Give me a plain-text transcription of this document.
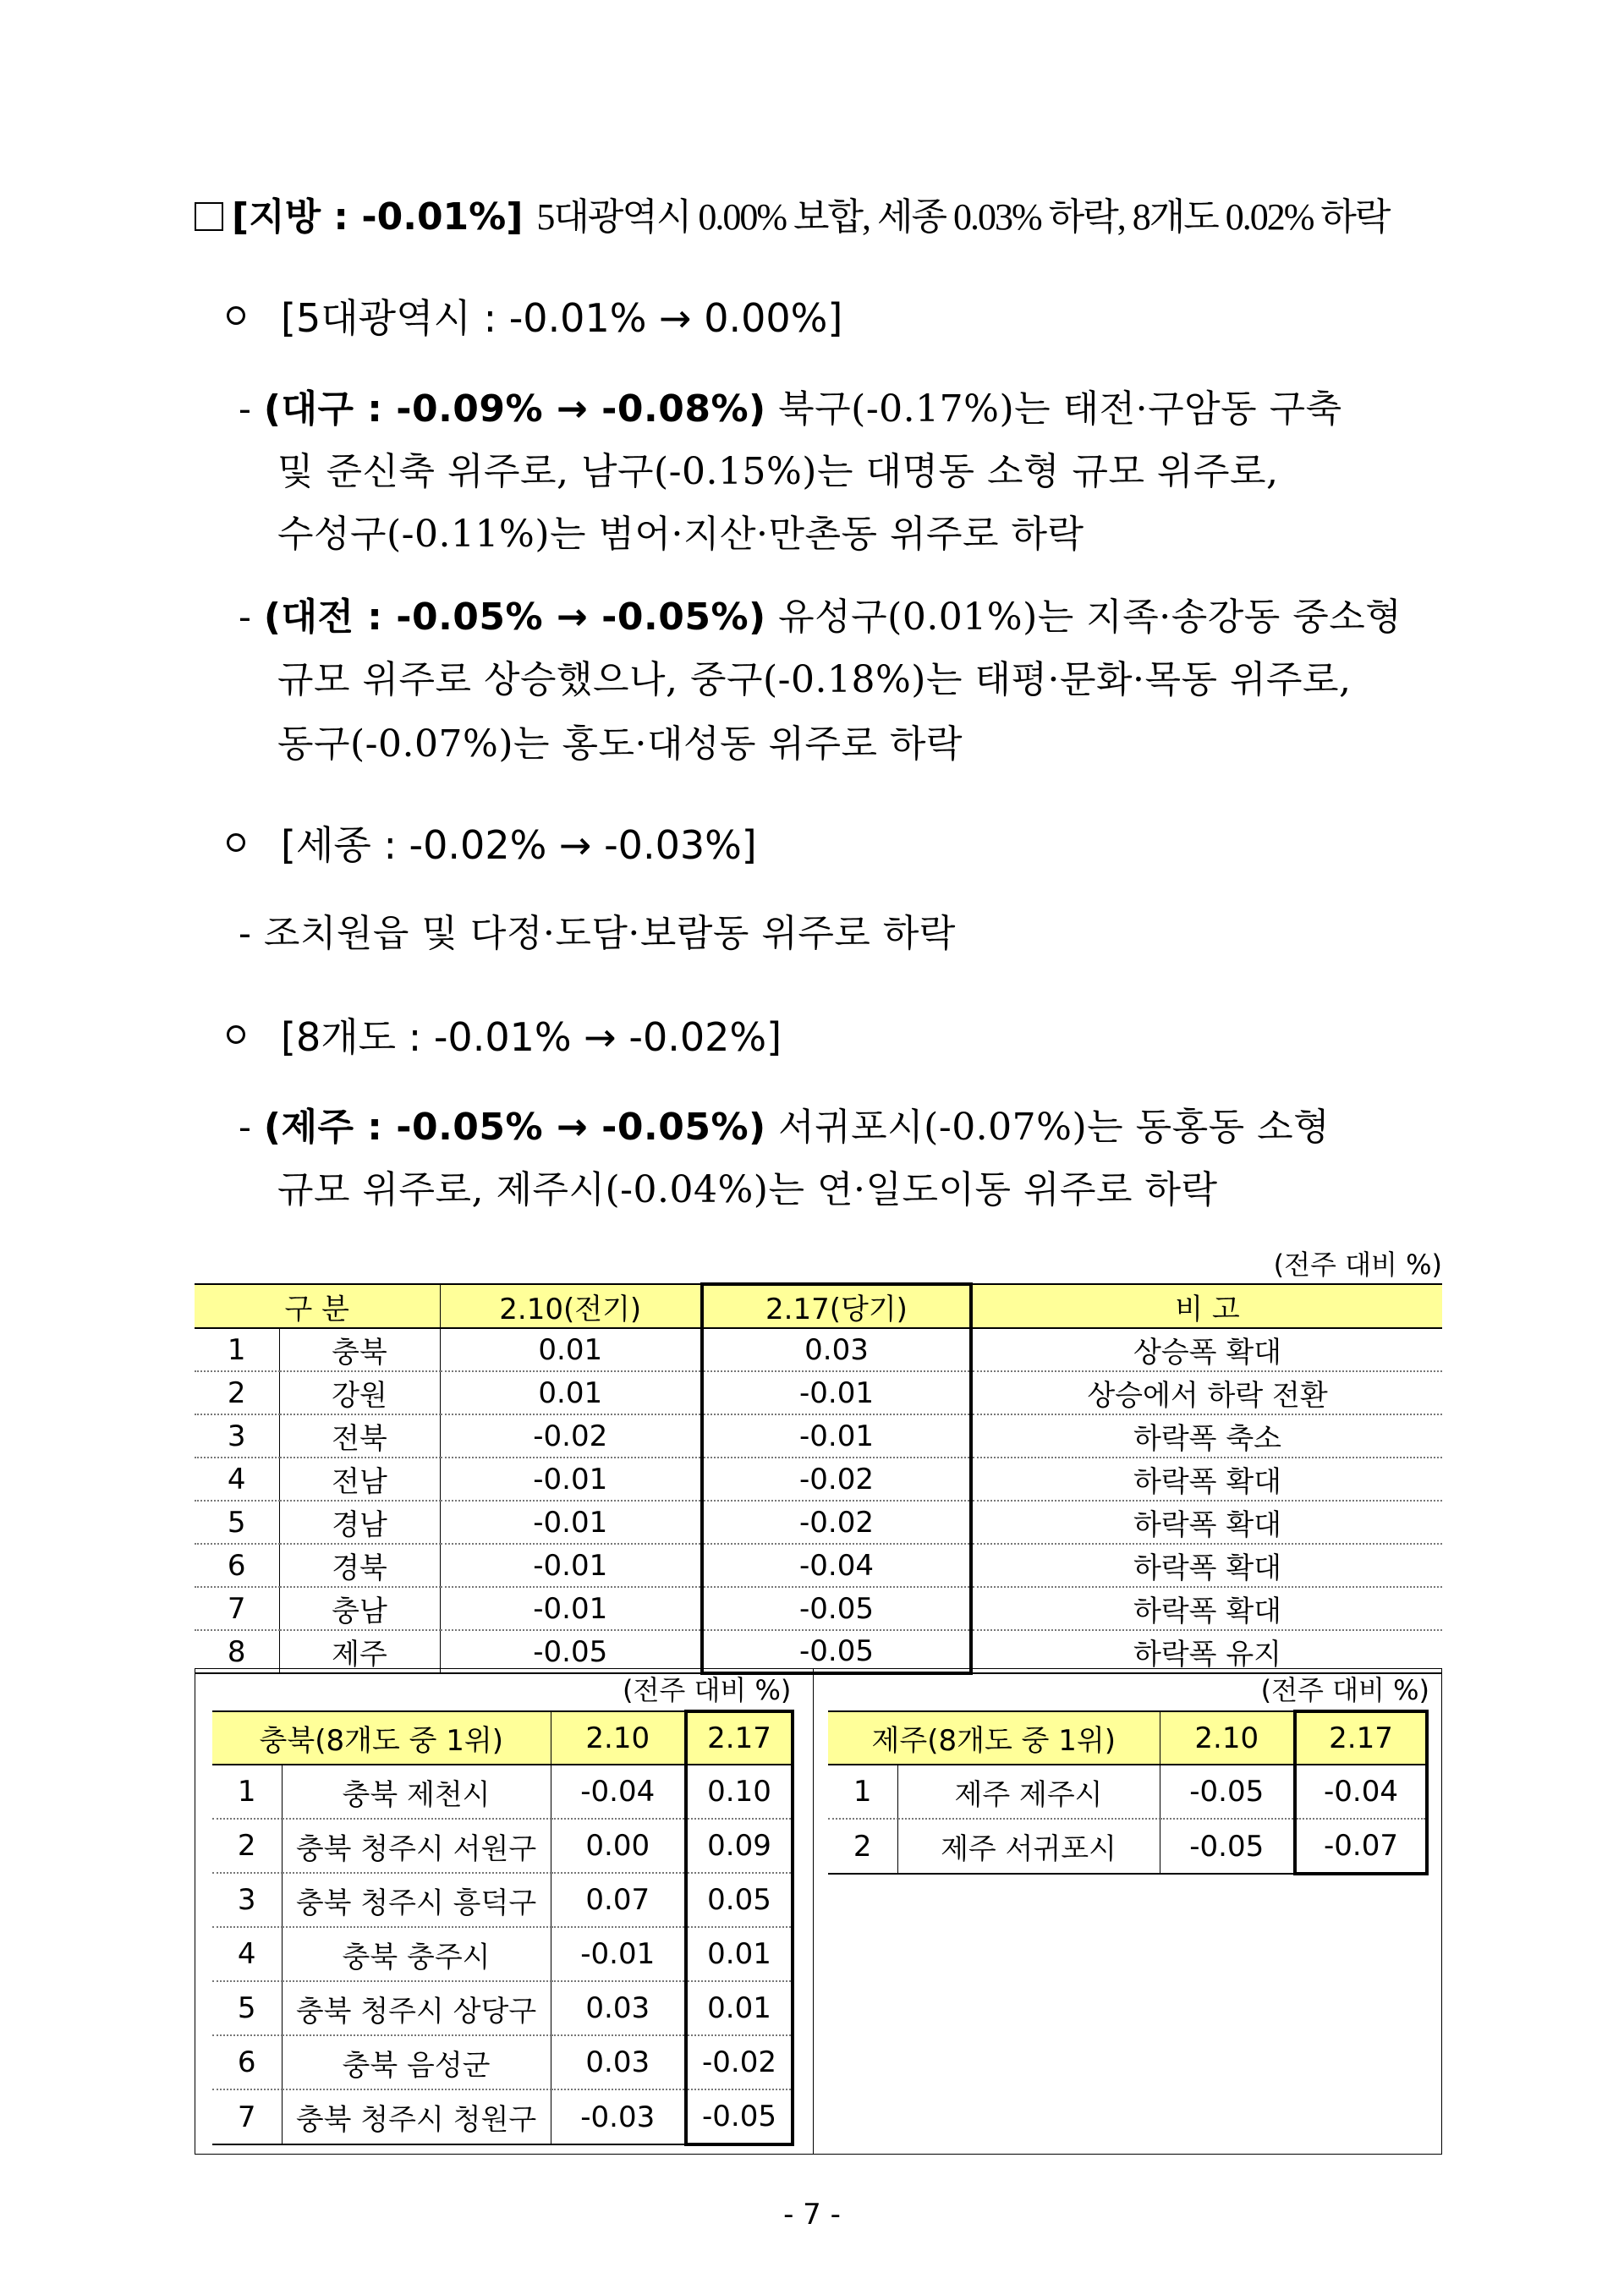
[지방 : -0.01%] 5대광역시 0.00% 보합, 세종 0.03% 하락, 8개도 0.02% 하락
[5대광역시 : -0.01% → 0.00%]
- (대구 : -0.09% → -0.08%) 북구(-0.17%)는 태전·구암동 구축
및 준신축 위주로, 남구(-0.15%)는 대명동 소형 규모 위주로,
수성구(-0.11%)는 범어·지산·만촌동 위주로 하락
- (대전 : -0.05% → -0.05%) 유성구(0.01%)는 지족·송강동 중소형
규모 위주로 상승했으나, 중구(-0.18%)는 태평·문화·목동 위주로,
동구(-0.07%)는 홍도·대성동 위주로 하락
[세종 : -0.02% → -0.03%]
- 조치원읍 및 다정·도담·보람동 위주로 하락
[8개도 : -0.01% → -0.02%]
- (제주 : -0.05% → -0.05%) 서귀포시(-0.07%)는 동홍동 소형
규모 위주로, 제주시(-0.04%)는 연·일도이동 위주로 하락
(전주 대비 %)
구 분		2.10(전기)	2.17(당기)	비 고
1	충북	0.01	0.03	상승폭 확대
2	강원	0.01	-0.01	상승에서 하락 전환
3	전북	-0.02	-0.01	하락폭 축소
4	전남	-0.01	-0.02	하락폭 확대
5	경남	-0.01	-0.02	하락폭 확대
6	경북	-0.01	-0.04	하락폭 확대
7	충남	-0.01	-0.05	하락폭 확대
8	제주	-0.05	-0.05	하락폭 유지
(전주 대비 %)	(전주 대비 %)
충북(8개도 중 1위)		2.10	2.17
1	충북 제천시	-0.04	0.10
2	충북 청주시 서원구	0.00	0.09
3	충북 청주시 흥덕구	0.07	0.05
4	충북 충주시	-0.01	0.01
5	충북 청주시 상당구	0.03	0.01
6	충북 음성군	0.03	-0.02
7	충북 청주시 청원구	-0.03	-0.05
제주(8개도 중 1위)		2.10	2.17
1	제주 제주시	-0.05	-0.04
2	제주 서귀포시	-0.05	-0.07
- 7 -
